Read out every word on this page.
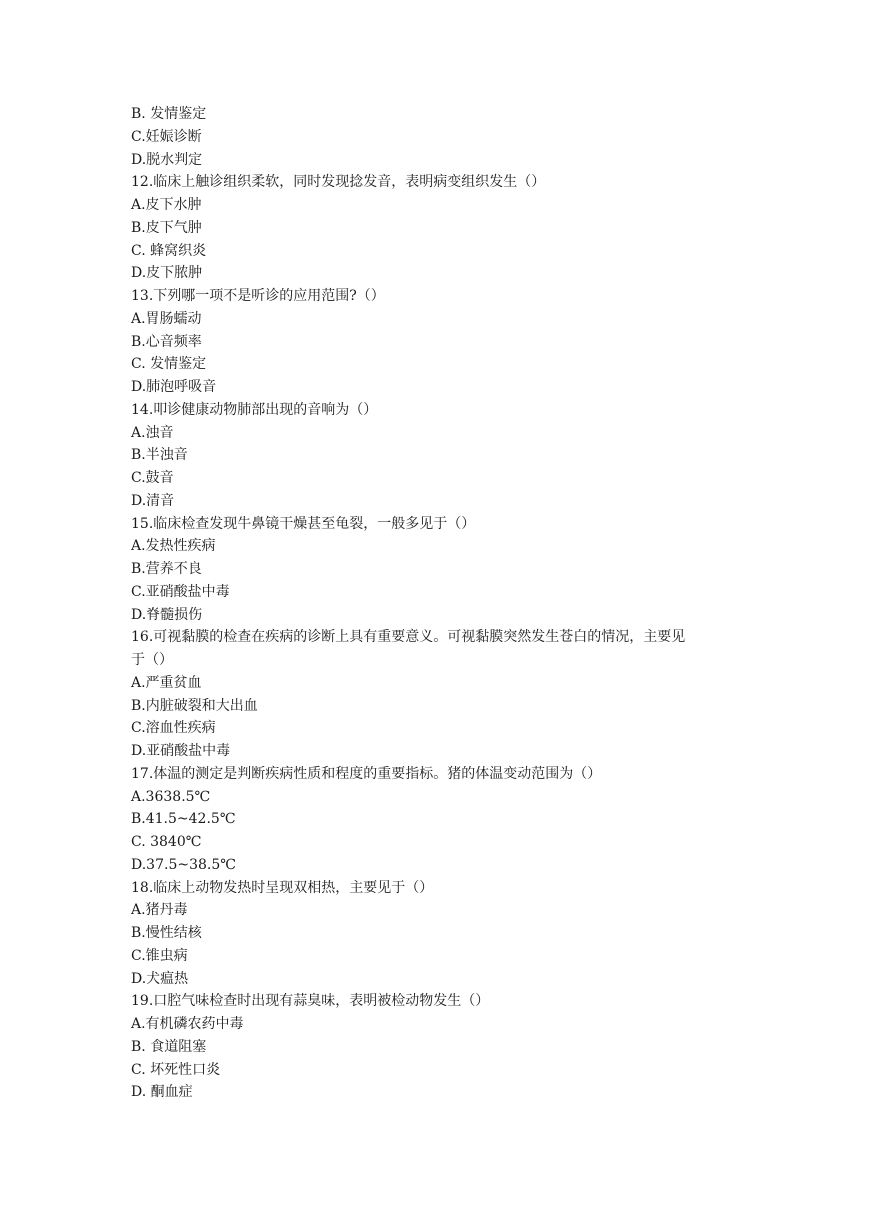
B. 发情鉴定
C.妊娠诊断
D.脱水判定
12.临床上触诊组织柔软，同时发现捻发音，表明病变组织发生（）
A.皮下水肿
B.皮下气肿
C. 蜂窝织炎
D.皮下脓肿
13.下列哪一项不是听诊的应用范围?（）
A.胃肠蠕动
B.心音频率
C. 发情鉴定
D.肺泡呼吸音
14.叩诊健康动物肺部出现的音响为（）
A.浊音
B.半浊音
C.鼓音
D.清音
15.临床检查发现牛鼻镜干燥甚至龟裂，一般多见于（）
A.发热性疾病
B.营养不良
C.亚硝酸盐中毒
D.脊髓损伤
16.可视黏膜的检查在疾病的诊断上具有重要意义。可视黏膜突然发生苍白的情况，主要见
于（）
A.严重贫血
B.内脏破裂和大出血
C.溶血性疾病
D.亚硝酸盐中毒
17.体温的测定是判断疾病性质和程度的重要指标。猪的体温变动范围为（）
A.3638.5℃
B.41.5~42.5℃
C. 3840℃
D.37.5~38.5℃
18.临床上动物发热时呈现双相热，主要见于（）
A.猪丹毒
B.慢性结核
C.锥虫病
D.犬瘟热
19.口腔气味检查时出现有蒜臭味，表明被检动物发生（）
A.有机磷农药中毒
B. 食道阻塞
C. 坏死性口炎
D. 酮血症
